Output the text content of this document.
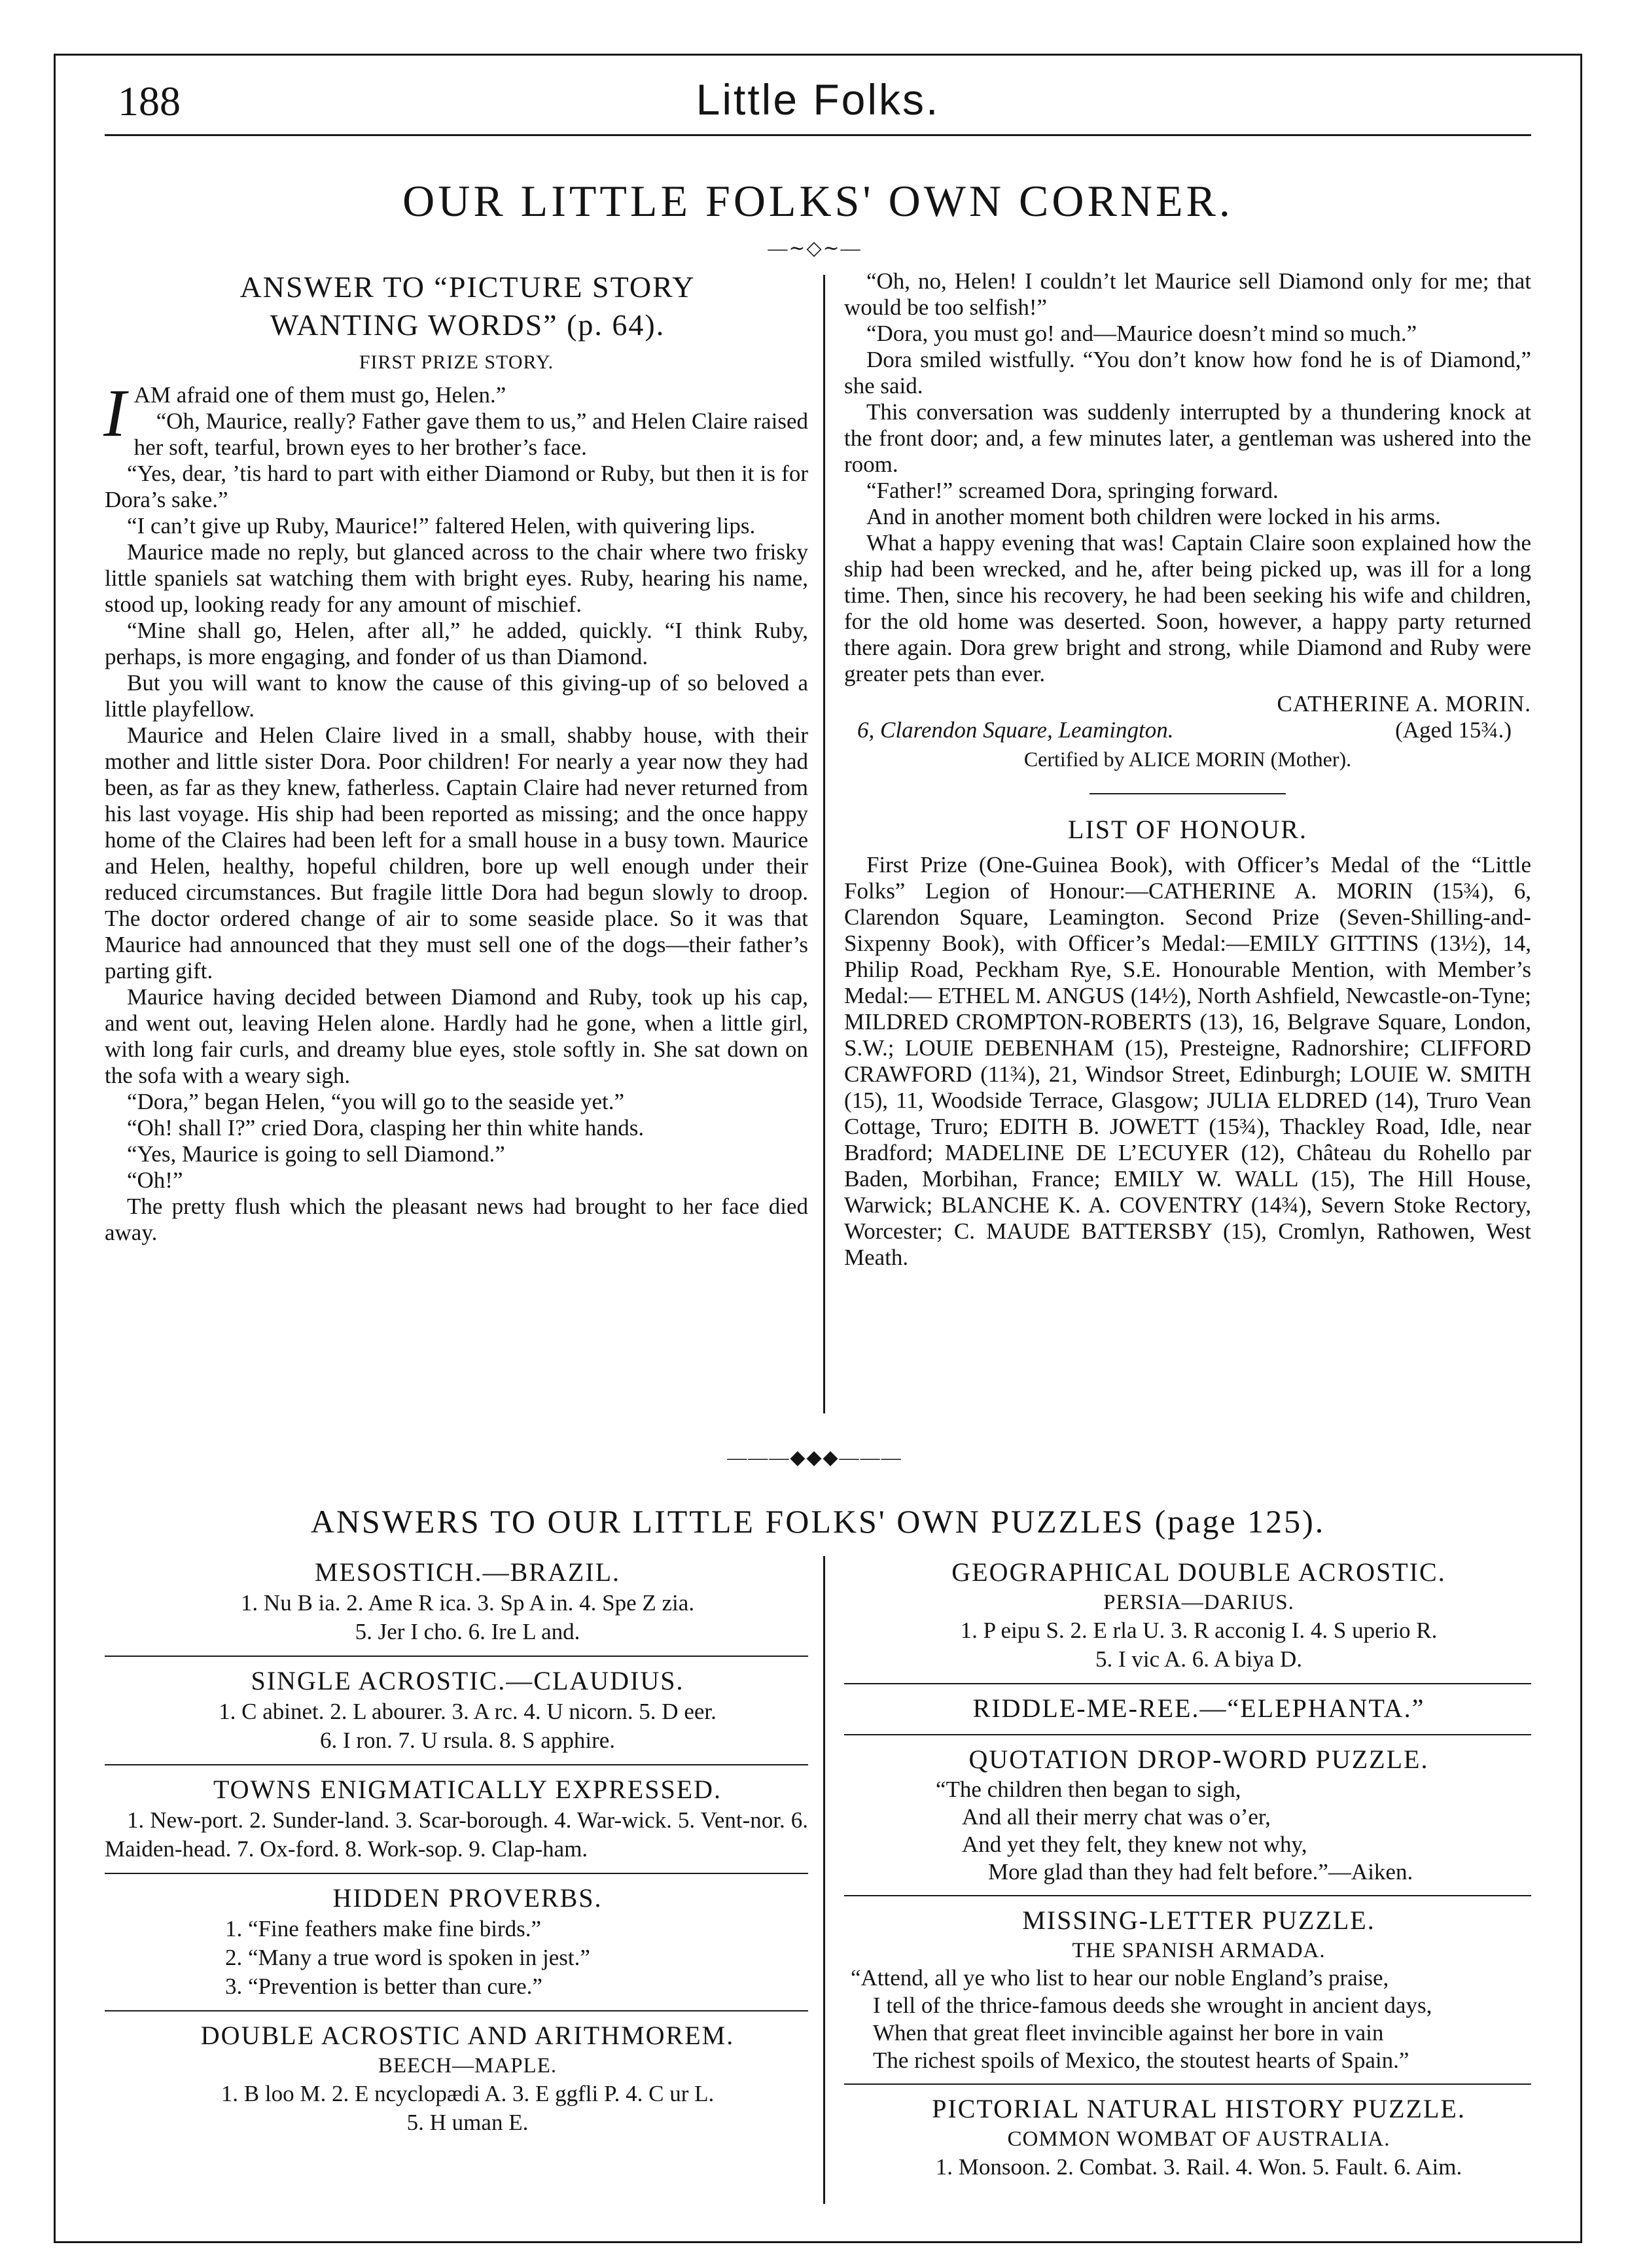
188	Little Folks.
OUR LITTLE FOLKS' OWN CORNER.
—∼◇∼—

ANSWER TO “PICTURE STORY

WANTING WORDS” (p. 64).

FIRST PRIZE STORY.

I AM afraid one of them must go, Helen.”

“Oh, Maurice, really? Father gave them to us,” and Helen Claire raised her soft, tearful, brown eyes to her brother’s face.

“Yes, dear, ’tis hard to part with either Diamond or Ruby, but then it is for Dora’s sake.”

“I can’t give up Ruby, Maurice!” faltered Helen, with quivering lips.

Maurice made no reply, but glanced across to the chair where two frisky little spaniels sat watching them with bright eyes. Ruby, hearing his name, stood up, looking ready for any amount of mischief.

“Mine shall go, Helen, after all,” he added, quickly. “I think Ruby, perhaps, is more engaging, and fonder of us than Diamond.

But you will want to know the cause of this giving-up of so beloved a little playfellow.

Maurice and Helen Claire lived in a small, shabby house, with their mother and little sister Dora. Poor children! For nearly a year now they had been, as far as they knew, fatherless. Captain Claire had never returned from his last voyage. His ship had been reported as missing; and the once happy home of the Claires had been left for a small house in a busy town. Maurice and Helen, healthy, hopeful children, bore up well enough under their reduced circumstances. But fragile little Dora had begun slowly to droop. The doctor ordered change of air to some seaside place. So it was that Maurice had announced that they must sell one of the dogs—their father’s parting gift.

Maurice having decided between Diamond and Ruby, took up his cap, and went out, leaving Helen alone. Hardly had he gone, when a little girl, with long fair curls, and dreamy blue eyes, stole softly in. She sat down on the sofa with a weary sigh.

“Dora,” began Helen, “you will go to the seaside yet.”

“Oh! shall I?” cried Dora, clasping her thin white hands.

“Yes, Maurice is going to sell Diamond.”

“Oh!”

The pretty flush which the pleasant news had brought to her face died away.

“Oh, no, Helen! I couldn’t let Maurice sell Diamond only for me; that would be too selfish!”

“Dora, you must go! and—Maurice doesn’t mind so much.”

Dora smiled wistfully. “You don’t know how fond he is of Diamond,” she said.

This conversation was suddenly interrupted by a thundering knock at the front door; and, a few minutes later, a gentleman was ushered into the room.

“Father!” screamed Dora, springing forward.

And in another moment both children were locked in his arms.

What a happy evening that was! Captain Claire soon explained how the ship had been wrecked, and he, after being picked up, was ill for a long time. Then, since his recovery, he had been seeking his wife and children, for the old home was deserted. Soon, however, a happy party returned there again. Dora grew bright and strong, while Diamond and Ruby were greater pets than ever.

CATHERINE A. MORIN.

6, Clarendon Square, Leamington.	(Aged 15¾.)

Certified by ALICE MORIN (Mother).

LIST OF HONOUR.

First Prize (One-Guinea Book), with Officer’s Medal of the “Little Folks” Legion of Honour:—CATHERINE A. MORIN (15¾), 6, Clarendon Square, Leamington. Second Prize (Seven-Shilling-and-Sixpenny Book), with Officer’s Medal:—EMILY GITTINS (13½), 14, Philip Road, Peckham Rye, S.E. Honourable Mention, with Member’s Medal:— ETHEL M. ANGUS (14½), North Ashfield, Newcastle-on-Tyne; MILDRED CROMPTON-ROBERTS (13), 16, Belgrave Square, London, S.W.; LOUIE DEBENHAM (15), Presteigne, Radnorshire; CLIFFORD CRAWFORD (11¾), 21, Windsor Street, Edinburgh; LOUIE W. SMITH (15), 11, Woodside Terrace, Glasgow; JULIA ELDRED (14), Truro Vean Cottage, Truro; EDITH B. JOWETT (15¾), Thackley Road, Idle, near Bradford; MADELINE DE L’ECUYER (12), Château du Rohello par Baden, Morbihan, France; EMILY W. WALL (15), The Hill House, Warwick; BLANCHE K. A. COVENTRY (14¾), Severn Stoke Rectory, Worcester; C. MAUDE BATTERSBY (15), Cromlyn, Rathowen, West Meath.

———◆◆◆———
ANSWERS TO OUR LITTLE FOLKS' OWN PUZZLES (page 125).

MESOSTICH.—BRAZIL.

1. Nu B ia. 2. Ame R ica. 3. Sp A in. 4. Spe Z zia.

5. Jer I cho. 6. Ire L and.

SINGLE ACROSTIC.—CLAUDIUS.

1. C abinet. 2. L abourer. 3. A rc. 4. U nicorn. 5. D eer.

6. I ron. 7. U rsula. 8. S apphire.

TOWNS ENIGMATICALLY EXPRESSED.

1. New-port. 2. Sunder-land. 3. Scar-borough. 4. War-wick. 5. Vent-nor. 6. Maiden-head. 7. Ox-ford. 8. Work-sop. 9. Clap-ham.

HIDDEN PROVERBS.

1. “Fine feathers make fine birds.”

2. “Many a true word is spoken in jest.”

3. “Prevention is better than cure.”

DOUBLE ACROSTIC AND ARITHMOREM.

BEECH—MAPLE.

1. B loo M. 2. E ncyclopædi A. 3. E ggfli P. 4. C ur L.

5. H uman E.

GEOGRAPHICAL DOUBLE ACROSTIC.

PERSIA—DARIUS.

1. P eipu S. 2. E rla U. 3. R acconig I. 4. S uperio R.

5. I vic A. 6. A biya D.

RIDDLE-ME-REE.—“ELEPHANTA.”

QUOTATION DROP-WORD PUZZLE.

“The children then began to sigh,
And all their merry chat was o’er,
And yet they felt, they knew not why,
More glad than they had felt before.”—Aiken.

MISSING-LETTER PUZZLE.

THE SPANISH ARMADA.

“Attend, all ye who list to hear our noble England’s praise,
I tell of the thrice-famous deeds she wrought in ancient days,
When that great fleet invincible against her bore in vain
The richest spoils of Mexico, the stoutest hearts of Spain.”

PICTORIAL NATURAL HISTORY PUZZLE.

COMMON WOMBAT OF AUSTRALIA.

1. Monsoon. 2. Combat. 3. Rail. 4. Won. 5. Fault. 6. Aim.
